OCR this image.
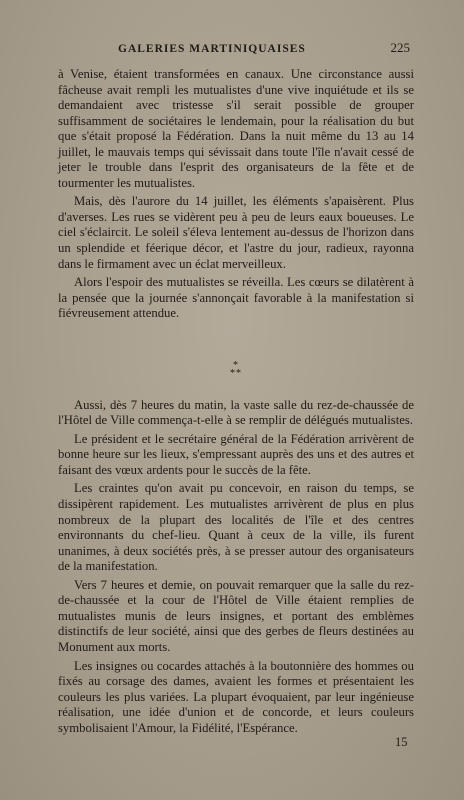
GALERIES MARTINIQUAISES	225

à Venise, étaient transformées en canaux. Une circonstance aussi fâcheuse avait rempli les mutualistes d'une vive inquiétude et ils se demandaient avec tristesse s'il serait possible de grouper suffisamment de sociétaires le lendemain, pour la réalisation du but que s'était proposé la Fédération. Dans la nuit même du 13 au 14 juillet, le mauvais temps qui sévissait dans toute l'île n'avait cessé de jeter le trouble dans l'esprit des organisateurs de la fête et de tourmenter les mutualistes.

Mais, dès l'aurore du 14 juillet, les éléments s'apaisèrent. Plus d'averses. Les rues se vidèrent peu à peu de leurs eaux boueuses. Le ciel s'éclaircit. Le soleil s'éleva lentement au-dessus de l'horizon dans un splendide et féerique décor, et l'astre du jour, radieux, rayonna dans le firmament avec un éclat merveilleux.

Alors l'espoir des mutualistes se réveilla. Les cœurs se dilatèrent à la pensée que la journée s'annonçait favorable à la manifestation si fiévreusement attendue.

*
**

Aussi, dès 7 heures du matin, la vaste salle du rez-de-chaussée de l'Hôtel de Ville commença-t-elle à se remplir de délégués mutualistes.

Le président et le secrétaire général de la Fédération arrivèrent de bonne heure sur les lieux, s'empressant auprès des uns et des autres et faisant des vœux ardents pour le succès de la fête.

Les craintes qu'on avait pu concevoir, en raison du temps, se dissipèrent rapidement. Les mutualistes arrivèrent de plus en plus nombreux de la plupart des localités de l'île et des centres environnants du chef-lieu. Quant à ceux de la ville, ils furent unanimes, à deux sociétés près, à se presser autour des organisateurs de la manifestation.

Vers 7 heures et demie, on pouvait remarquer que la salle du rez-de-chaussée et la cour de l'Hôtel de Ville étaient remplies de mutualistes munis de leurs insignes, et portant des emblèmes distinctifs de leur société, ainsi que des gerbes de fleurs destinées au Monument aux morts.

Les insignes ou cocardes attachés à la boutonnière des hommes ou fixés au corsage des dames, avaient les formes et présentaient les couleurs les plus variées. La plupart évoquaient, par leur ingénieuse réalisation, une idée d'union et de concorde, et leurs couleurs symbolisaient l'Amour, la Fidélité, l'Espérance.

15
